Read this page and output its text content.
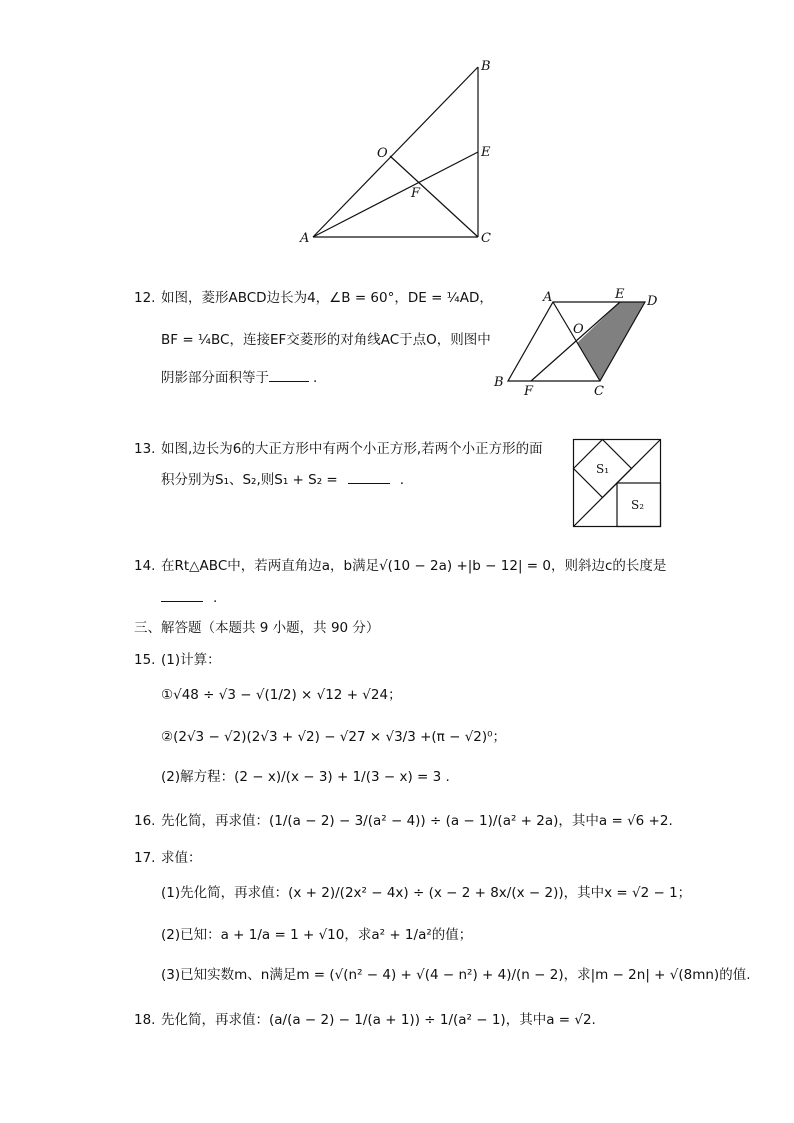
A
B
C
O	E
F
12. 如图，菱形ABCD边长为4，∠B = 60°，DE = ¼AD，
BF = ¼BC，连接EF交菱形的对角线AC于点O，则图中
阴影部分面积等于	.
A	E D
O
B
F	C
13. 如图,边长为6的大正方形中有两个小正方形,若两个小正方形的面
积分别为S₁、S₂,则S₁ + S₂ =	.
S₁
S₂
14. 在Rt△ABC中，若两直角边a，b满足√(10 − 2a) +|b − 12| = 0，则斜边c的长度是
.
三、解答题（本题共 9 小题，共 90 分）
15. (1)计算：
①√48 ÷ √3 − √(1/2) × √12 + √24；
②(2√3 − √2)(2√3 + √2) − √27 × √3/3 +(π − √2)⁰；
(2)解方程：(2 − x)/(x − 3) + 1/(3 − x) = 3 .
16. 先化简，再求值：(1/(a − 2) − 3/(a² − 4)) ÷ (a − 1)/(a² + 2a)，其中a = √6 +2.
17. 求值：
(1)先化简，再求值：(x + 2)/(2x² − 4x) ÷ (x − 2 + 8x/(x − 2))，其中x = √2 − 1；
(2)已知：a + 1/a = 1 + √10，求a² + 1/a²的值；
(3)已知实数m、n满足m = (√(n² − 4) + √(4 − n²) + 4)/(n − 2)，求|m − 2n| + √(8mn)的值.
18. 先化简，再求值：(a/(a − 2) − 1/(a + 1)) ÷ 1/(a² − 1)，其中a = √2.
